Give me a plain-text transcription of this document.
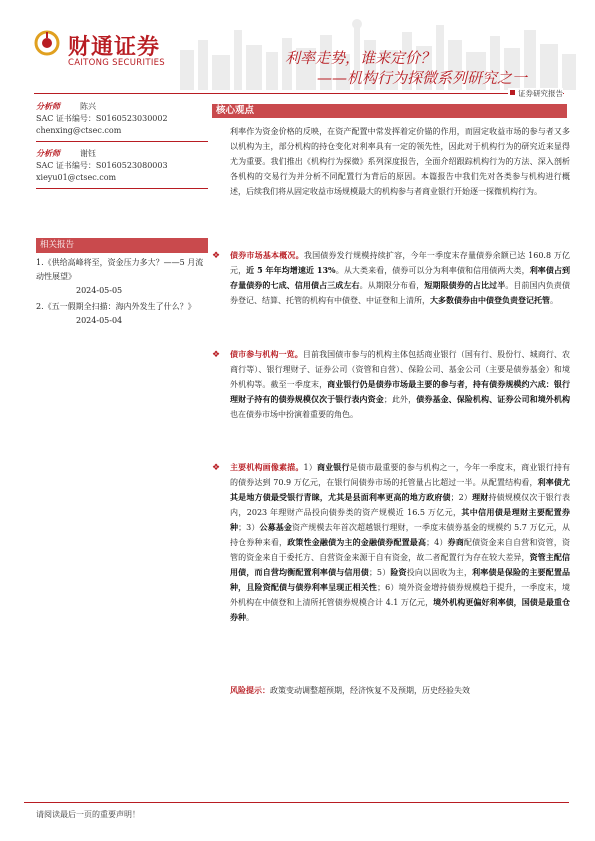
财通证券
CAITONG SECURITIES	利率走势，谁来定价？
——机构行为探微系列研究之一
证券研究报告
分析师	陈兴
SAC 证书编号：S0160523030002
chenxing@ctsec.com
分析师	谢钰
SAC 证书编号：S0160523080003
xieyu01@ctsec.com
相关报告
1.《供给高峰将至，资金压力多大？——5 月流动性展望》
2024-05-05
2.《五一假期全扫描：海内外发生了什么？》
2024-05-04
核心观点
利率作为资金价格的反映，在资产配置中常发挥着定价锚的作用，而固定收益市场的参与者又多以机构为主，部分机构的持仓变化对利率具有一定的领先性，因此对于机构行为的研究近来显得尤为重要。我们推出《机构行为探微》系列深度报告，全面介绍跟踪机构行为的方法、深入剖析各机构的交易行为并分析不同配置行为背后的原因。本篇报告中我们先对各类参与机构进行概述，后续我们将从固定收益市场规模最大的机构参与者商业银行开始逐一探微机构行为。
❖ 债券市场基本概况。我国债券发行规模持续扩容，今年一季度末存量债券余额已达 160.8 万亿元，近 5 年年均增速近 13%。从大类来看，债券可以分为利率债和信用债两大类，利率债占到存量债券的七成、信用债占三成左右。从期限分布看，短期限债券的占比过半。目前国内负责债券登记、结算、托管的机构有中债登、中证登和上清所，大多数债券由中债登负责登记托管。
❖ 债市参与机构一览。目前我国债市参与的机构主体包括商业银行（国有行、股份行、城商行、农商行等）、银行理财子、证券公司（资管和自营）、保险公司、基金公司（主要是债券基金）和境外机构等。截至一季度末，商业银行仍是债券市场最主要的参与者，持有债券规模约六成：银行理财子持有的债券规模仅次于银行表内资金；此外，债券基金、保险机构、证券公司和境外机构也在债券市场中扮演着重要的角色。
❖ 主要机构画像素描。1）商业银行是债市最重要的参与机构之一，今年一季度末，商业银行持有的债券达到 70.9 万亿元，在银行间债券市场的托管量占比超过一半。从配置结构看，利率债尤其是地方债最受银行青睐，尤其是县面利率更高的地方政府债；2）理财持债规模仅次于银行表内，2023 年理财产品投向债券类的资产规模近 16.5 万亿元，其中信用债是理财主要配置券种；3）公募基金资产规模去年首次超越银行理财，一季度末债券基金的规模约 5.7 万亿元，从持仓券种来看，政策性金融债为主的金融债券配置最高；4）券商配债资金来自自营和资管，资管的资金来自于委托方、自营资金来源于自有资金，故二者配置行为存在较大差异，资管主配信用债，而自营均衡配置利率债与信用债；5）险资投向以固收为主，利率债是保险的主要配置品种，且险资配债与债券利率呈现正相关性；6）境外资金增持债券规模趋于提升，一季度末，境外机构在中债登和上清所托管债券规模合计 4.1 万亿元，境外机构更偏好利率债，国债是最重仓券种。
风险提示：政策变动调整超预期，经济恢复不及预期，历史经验失效
请阅读最后一页的重要声明！
